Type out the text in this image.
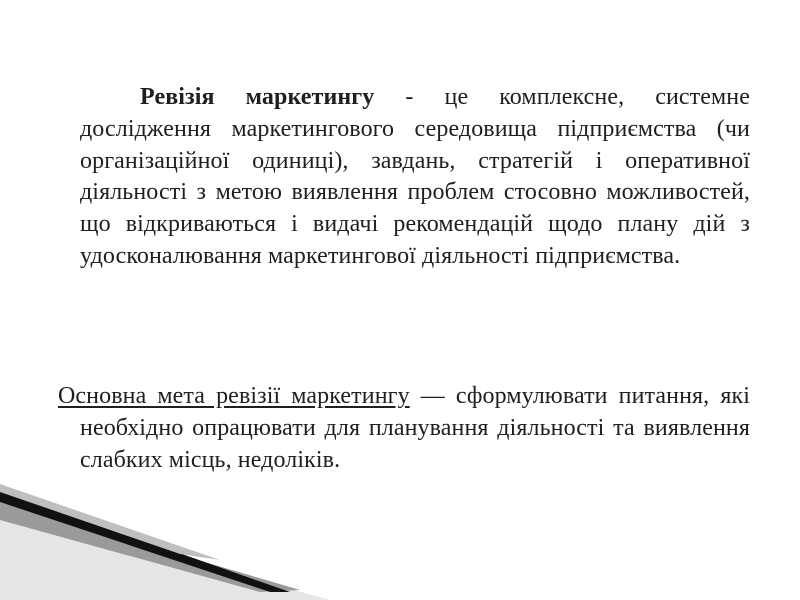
Ревізія маркетингу - це комплексне, системне дослідження маркетингового середовища підприємства (чи організаційної одиниці), завдань, стратегій і оперативної діяльності з метою виявлення проблем стосовно можливостей, що відкриваються і видачі рекомендацій щодо плану дій з удосконалювання маркетингової діяльності підприємства.
Основна мета ревізії маркетингу — сформулювати питання, які необхідно опрацювати для планування діяльності та виявлення слабких місць, недоліків.
